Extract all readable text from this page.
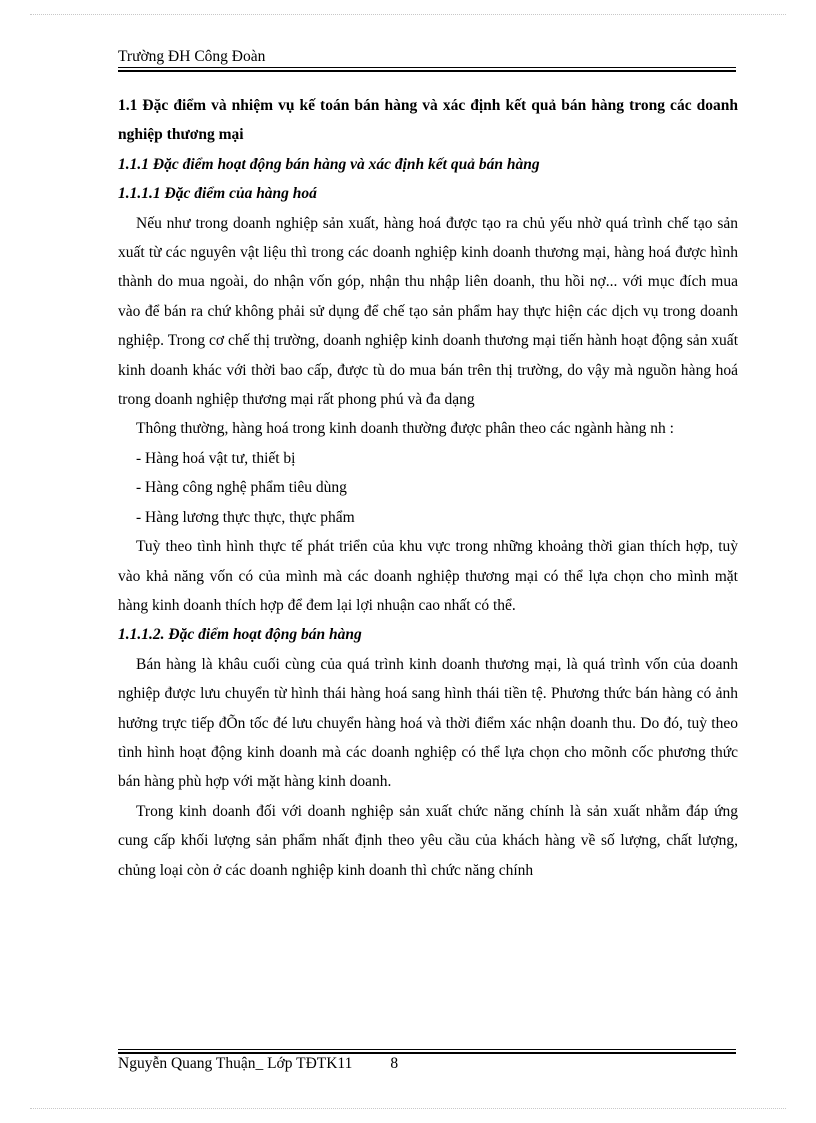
Trường ĐH Công Đoàn

1.1 Đặc điểm và nhiệm vụ kế toán bán hàng và xác định kết quả bán hàng trong các doanh nghiệp thương mại

1.1.1 Đặc điểm hoạt động bán hàng và xác định kết quả bán hàng

1.1.1.1 Đặc điểm của hàng hoá

Nếu như trong doanh nghiệp sản xuất, hàng hoá được tạo ra chủ yếu nhờ quá trình chế tạo sản xuất từ các nguyên vật liệu thì trong các doanh nghiệp kinh doanh thương mại, hàng hoá được hình thành do mua ngoài, do nhận vốn góp, nhận thu nhập liên doanh, thu hồi nợ... với mục đích mua vào để bán ra chứ không phải sử dụng để chế tạo sản phẩm hay thực hiện các dịch vụ trong doanh nghiệp. Trong cơ chế thị trường, doanh nghiệp kinh doanh thương mại tiến hành hoạt động sản xuất kinh doanh khác với thời bao cấp, được tù do mua bán trên thị trường, do vậy mà nguồn hàng hoá trong doanh nghiệp thương mại rất phong phú và đa dạng

Thông thường, hàng hoá trong kinh doanh thường được phân theo các ngành hàng nh :

- Hàng hoá vật tư, thiết bị

- Hàng công nghệ phẩm tiêu dùng

- Hàng lương thực thực, thực phẩm

Tuỳ theo tình hình thực tế phát triển của khu vực trong những khoảng thời gian thích hợp, tuỳ vào khả năng vốn có của mình mà các doanh nghiệp thương mại có thể lựa chọn cho mình mặt hàng kinh doanh thích hợp để đem lại lợi nhuận cao nhất có thể.

1.1.1.2. Đặc điểm hoạt động bán hàng

Bán hàng là khâu cuối cùng của quá trình kinh doanh thương mại, là quá trình vốn của doanh nghiệp được lưu chuyển từ hình thái hàng hoá sang hình thái tiền tệ. Phương thức bán hàng có ảnh hưởng trực tiếp đÕn tốc đé lưu chuyển hàng hoá và thời điểm xác nhận doanh thu. Do đó, tuỳ theo tình hình hoạt động kinh doanh mà các doanh nghiệp có thể lựa chọn cho mõnh cốc phương thức bán hàng phù hợp với mặt hàng kinh doanh.

Trong kinh doanh đối với doanh nghiệp sản xuất chức năng chính là sản xuất nhằm đáp ứng cung cấp khối lượng sản phẩm nhất định theo yêu cầu của khách hàng về số lượng, chất lượng, chủng loại còn ở các doanh nghiệp kinh doanh thì chức năng chính

Nguyễn Quang Thuận_ Lớp TĐTK11 8
